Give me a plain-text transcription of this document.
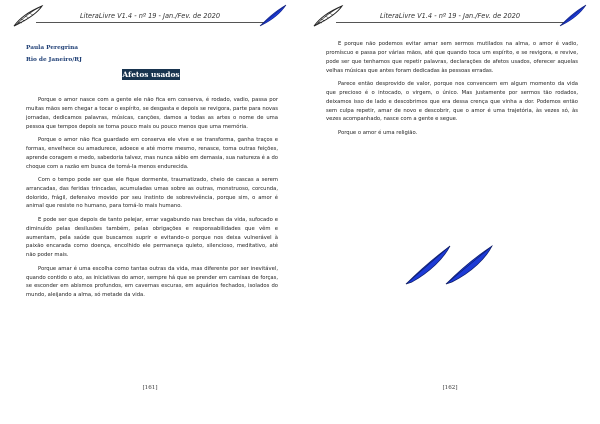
LiteraLivre V1.4 - nº 19 - Jan./Fev. de 2020
Paula Peregrina
Rio de Janeiro/RJ
Afetos usados

Porque o amor nasce com a gente ele não fica em conserva, é rodado, vadio, passa por muitas mãos sem chegar a tocar o espírito, se desgasta e depois se revigora, parte para novas jornadas, dedicamos palavras, músicas, canções, damos a todas as artes o nome de uma pessoa que tempos depois se toma pouco mais ou pouco menos que uma memória.

Porque o amor não fica guardado em conserva ele vive e se transforma, ganha traços e formas, envelhece ou amadurece, adoece e até morre mesmo, renasce, toma outras feições, aprende coragem e medo, sabedoria talvez, mas nunca sábio em demasia, sua natureza é a do choque com a razão em busca de tomá-la menos endurecida.

Com o tempo pode ser que ele fique dormente, traumatizado, cheio de cascas a serem arrancadas, das feridas trincadas, acumuladas umas sobre as outras, monstruoso, corcunda, dolorido, frágil, defensivo movido por seu instinto de sobrevivência, porque sim, o amor é animal que resiste no humano, para tomá-lo mais humano.

E pode ser que depois de tanto pelejar, errar vagabundo nas brechas da vida, sufocado e diminuído pelas desilusões também, pelas obrigações e responsabilidades que vêm e aumentam, pela saúde que buscamos suprir e evitando-o porque nos deixa vulnerável à paixão encarada como doença, encolhido ele permaneça quieto, silencioso, meditativo, até não poder mais.

Porque amar é uma escolha como tantas outras da vida, mas diferente por ser inevitável, quando contido o ato, as iniciativas do amor, sempre há que se prender em camisas de forças, se esconder em abismos profundos, em cavernas escuras, em aquários fechados, isolados do mundo, aleijando a alma, só metade da vida.

[161]
LiteraLivre V1.4 - nº 19 - Jan./Fev. de 2020

E porque não podemos evitar amar sem sermos mutilados na alma, o amor é vadio, promíscuo e passa por várias mãos, até que quando toca um espírito, e se revigora, e revive, pode ser que tenhamos que repetir palavras, declarações de afetos usados, oferecer aquelas velhas músicas que antes foram dedicadas às pessoas erradas.

Parece então desprovido de valor, porque nos convencem em algum momento da vida que precioso é o intocado, o virgem, o único. Mas justamente por sermos tão rodados, deixamos isso de lado e descobrimos que era dessa crença que vinha a dor. Podemos então sem culpa repetir, amar de novo e descobrir, que o amor é uma trajetória, às vezes só, às vezes acompanhado, nasce com a gente e segue.

Porque o amor é uma religião.

[162]
